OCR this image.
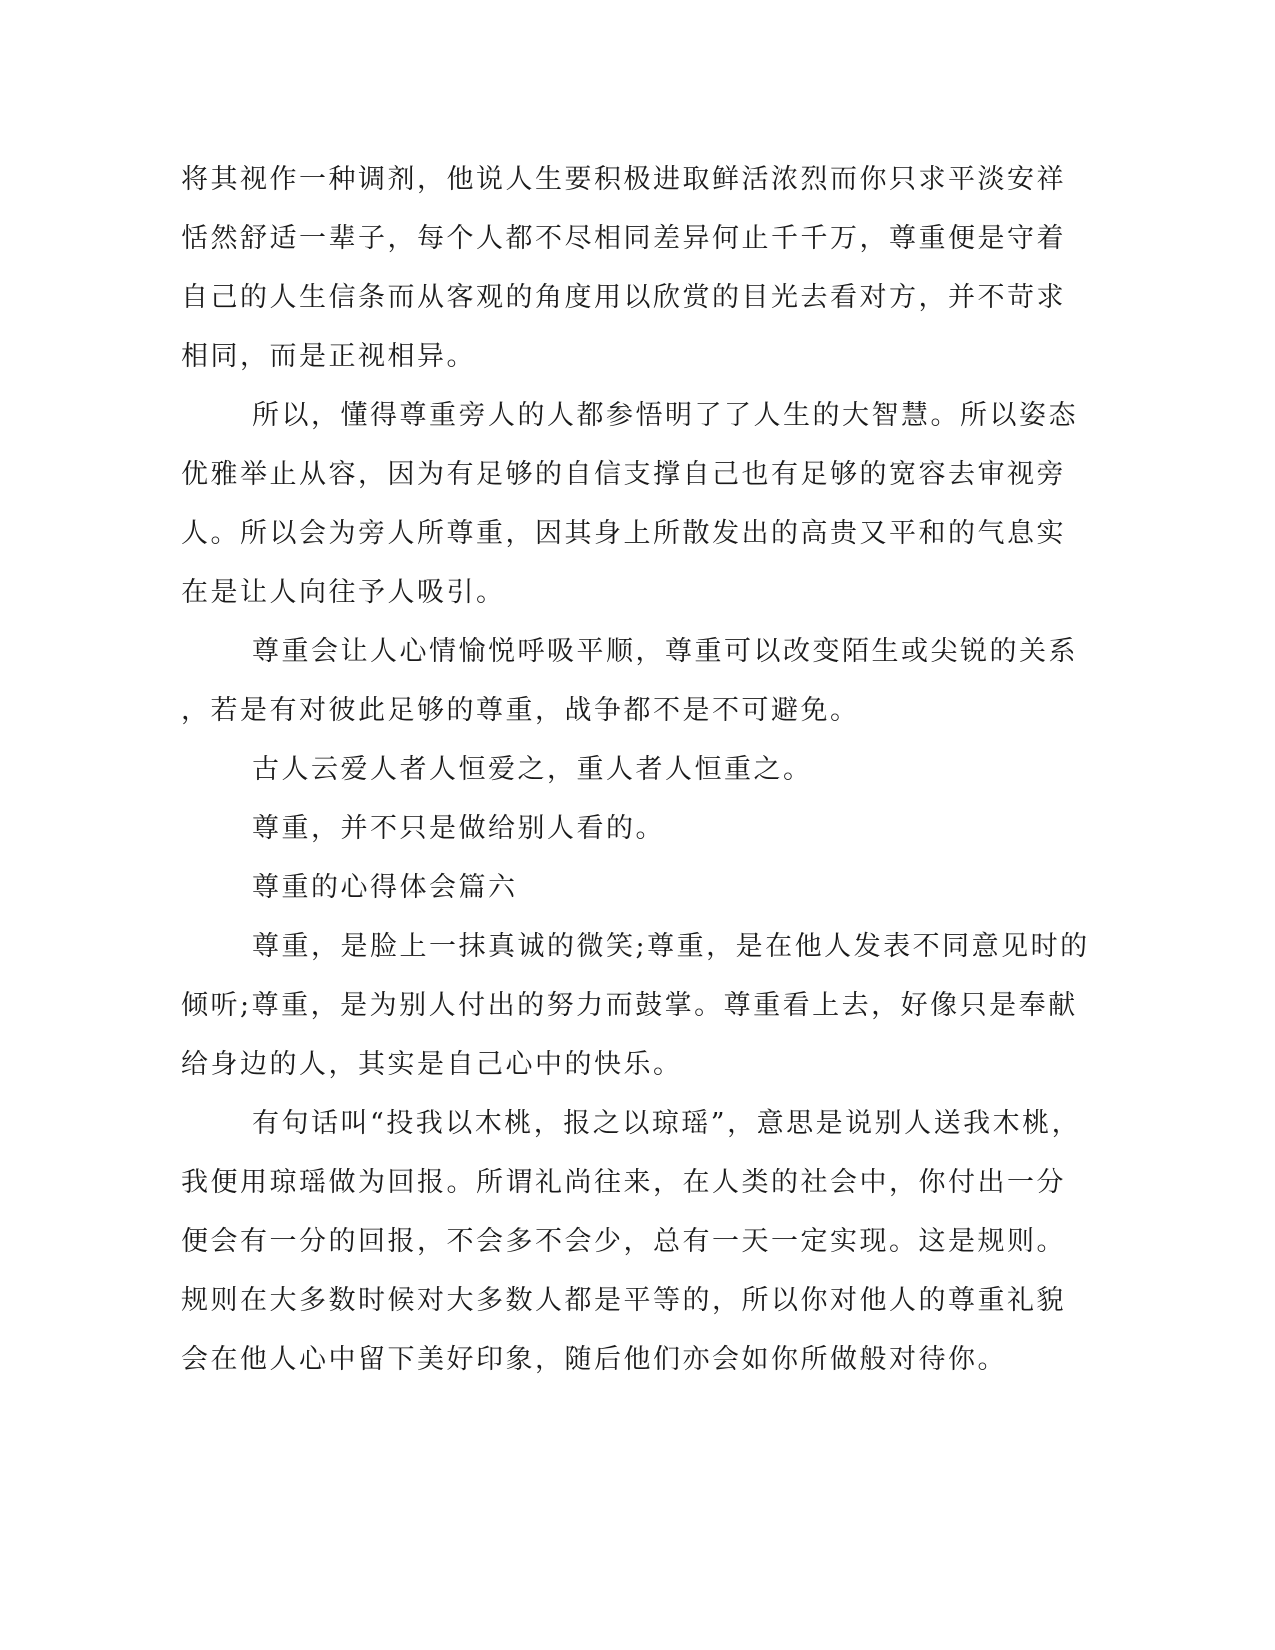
将其视作一种调剂，他说人生要积极进取鲜活浓烈而你只求平淡安祥

恬然舒适一辈子，每个人都不尽相同差异何止千千万，尊重便是守着

自己的人生信条而从客观的角度用以欣赏的目光去看对方，并不苛求

相同，而是正视相异。

所以，懂得尊重旁人的人都参悟明了了人生的大智慧。所以姿态

优雅举止从容，因为有足够的自信支撑自己也有足够的宽容去审视旁

人。所以会为旁人所尊重，因其身上所散发出的高贵又平和的气息实

在是让人向往予人吸引。

尊重会让人心情愉悦呼吸平顺，尊重可以改变陌生或尖锐的关系

，若是有对彼此足够的尊重，战争都不是不可避免。

古人云爱人者人恒爱之，重人者人恒重之。

尊重，并不只是做给别人看的。

尊重的心得体会篇六

尊重，是脸上一抹真诚的微笑;尊重，是在他人发表不同意见时的

倾听;尊重，是为别人付出的努力而鼓掌。尊重看上去，好像只是奉献

给身边的人，其实是自己心中的快乐。

有句话叫“投我以木桃，报之以琼瑶”，意思是说别人送我木桃，

我便用琼瑶做为回报。所谓礼尚往来，在人类的社会中，你付出一分

便会有一分的回报，不会多不会少，总有一天一定实现。这是规则。

规则在大多数时候对大多数人都是平等的，所以你对他人的尊重礼貌

会在他人心中留下美好印象，随后他们亦会如你所做般对待你。
